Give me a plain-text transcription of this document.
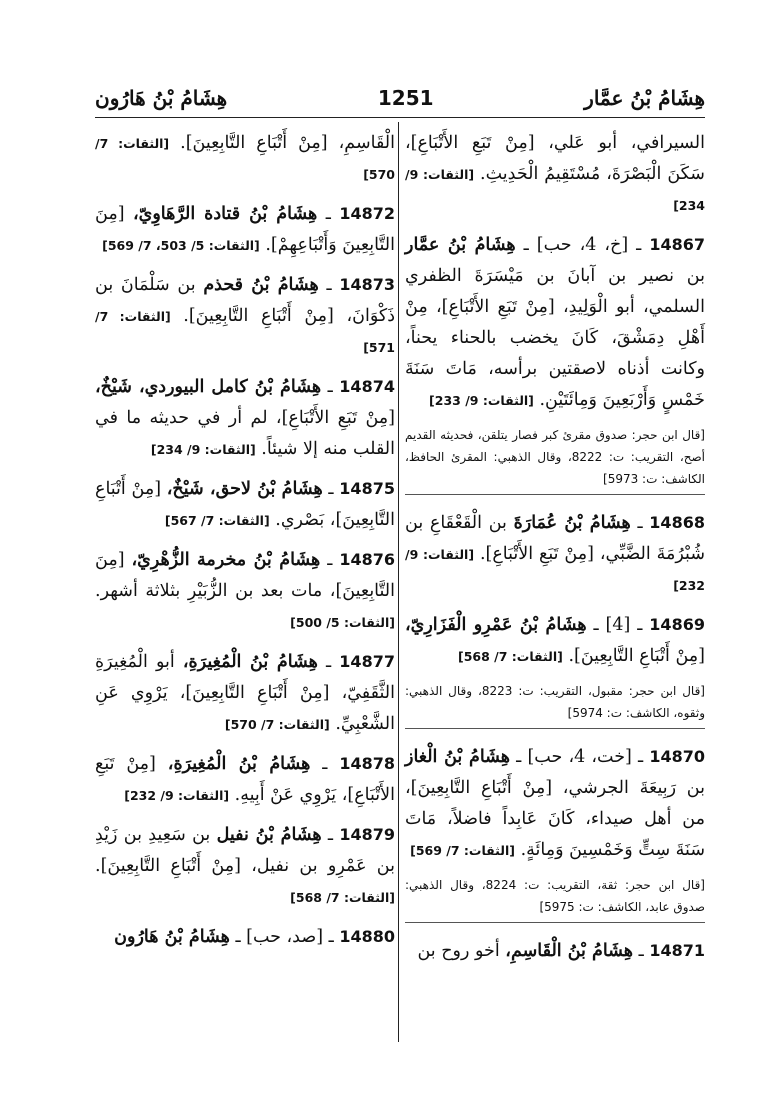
هِشَامُ بْنُ عمَّار
1251
هِشَامُ بْنُ هَارُون
السيرافي، أبو عَلي، [مِنْ تَبَعِ الأَتْبَاعِ]، سَكَنَ الْبَصْرَةَ، مُسْتَقِيمُ الْحَدِيثِ. [الثقات: 9/ 234]
14867 ـ [خ، 4، حب] ـ هِشَامُ بْنُ عمَّار بن نصير بن آبانَ بن مَيْسَرَةَ الظفري السلمي، أبو الْوَلِيدِ، [مِنْ تَبَعِ الأَتْبَاعِ]، مِنْ أَهْلِ دِمَشْقَ، كَانَ يخضب بالحناء يحناً، وكانت أذناه لاصقتين برأسه، مَاتَ سَنَةَ خَمْسٍ وَأَرْبَعِينَ وَمِائَتَيْنِ. [الثقات: 9/ 233]
[قال ابن حجر: صدوق مقرئ كبر فصار يتلقن، فحديثه القديم أصح، التقريب: ت: 8222، وقال الذهبي: المقرئ الحافظ، الكاشف: ت: 5973]
14868 ـ هِشَامُ بْنُ عُمَارَةَ بن الْقَعْقَاعِ بن شُبْرُمَةَ الضَّبِّي، [مِنْ تَبَعِ الأَتْبَاعِ]. [الثقات: 9/ 232]
14869 ـ [4] ـ هِشَامُ بْنُ عَمْرِو الْفَزَارِيّ، [مِنْ أَتْبَاعِ التَّابِعِينَ]. [الثقات: 7/ 568]
[قال ابن حجر: مقبول، التقريب: ت: 8223، وقال الذهبي: وثقوه، الكاشف: ت: 5974]
14870 ـ [خت، 4، حب] ـ هِشَامُ بْنُ الْغاز بن رَبِيعَةَ الجرشي، [مِنْ أَتْبَاعِ التَّابِعِينَ]، من أهل صيداء، كَانَ عَابِداً فاضلاً، مَاتَ سَنَةَ سِتٍّ وَخَمْسِينَ وَمِائَةٍ. [الثقات: 7/ 569]
[قال ابن حجر: ثقة، التقريب: ت: 8224، وقال الذهبي: صدوق عابد، الكاشف: ت: 5975]
14871 ـ هِشَامُ بْنُ الْقَاسِمِ، أخو روح بن
الْقَاسِمِ، [مِنْ أَتْبَاعِ التَّابِعِينَ]. [الثقات: 7/ 570]
14872 ـ هِشَامُ بْنُ قتادة الرَّهَاوِيّ، [مِنَ التَّابِعِينَ وَأَتْبَاعِهِمْ]. [الثقات: 5/ 503، 7/ 569]
14873 ـ هِشَامُ بْنُ قحذم بن سَلْمَانَ بن ذَكْوَانَ، [مِنْ أَتْبَاعِ التَّابِعِينَ]. [الثقات: 7/ 571]
14874 ـ هِشَامُ بْنُ كامل البيوردي، شَيْخٌ، [مِنْ تَبَعِ الأَتْبَاعِ]، لم أر في حديثه ما في القلب منه إلا شيئاً. [الثقات: 9/ 234]
14875 ـ هِشَامُ بْنُ لاحق، شَيْخٌ، [مِنْ أَتْبَاعِ التَّابِعِينَ]، بَصْري. [الثقات: 7/ 567]
14876 ـ هِشَامُ بْنُ مخرمة الزُّهْرِيّ، [مِنَ التَّابِعِينَ]، مات بعد بن الزُّبَيْرِ بثلاثة أشهر. [الثقات: 5/ 500]
14877 ـ هِشَامُ بْنُ الْمُغِيرَةِ، أبو الْمُغِيرَةِ الثَّقَفِيّ، [مِنْ أَتْبَاعِ التَّابِعِينَ]، يَرْوِي عَنِ الشَّعْبِيِّ. [الثقات: 7/ 570]
14878 ـ هِشَامُ بْنُ الْمُغِيرَةِ، [مِنْ تَبَعِ الأَتْبَاعِ]، يَرْوِي عَنْ أَبِيهِ. [الثقات: 9/ 232]
14879 ـ هِشَامُ بْنُ نفيل بن سَعِيدِ بن زَيْدِ بن عَمْرِو بن نفيل، [مِنْ أَتْبَاعِ التَّابِعِينَ]. [الثقات: 7/ 568]
14880 ـ [صد، حب] ـ هِشَامُ بْنُ هَارُون
